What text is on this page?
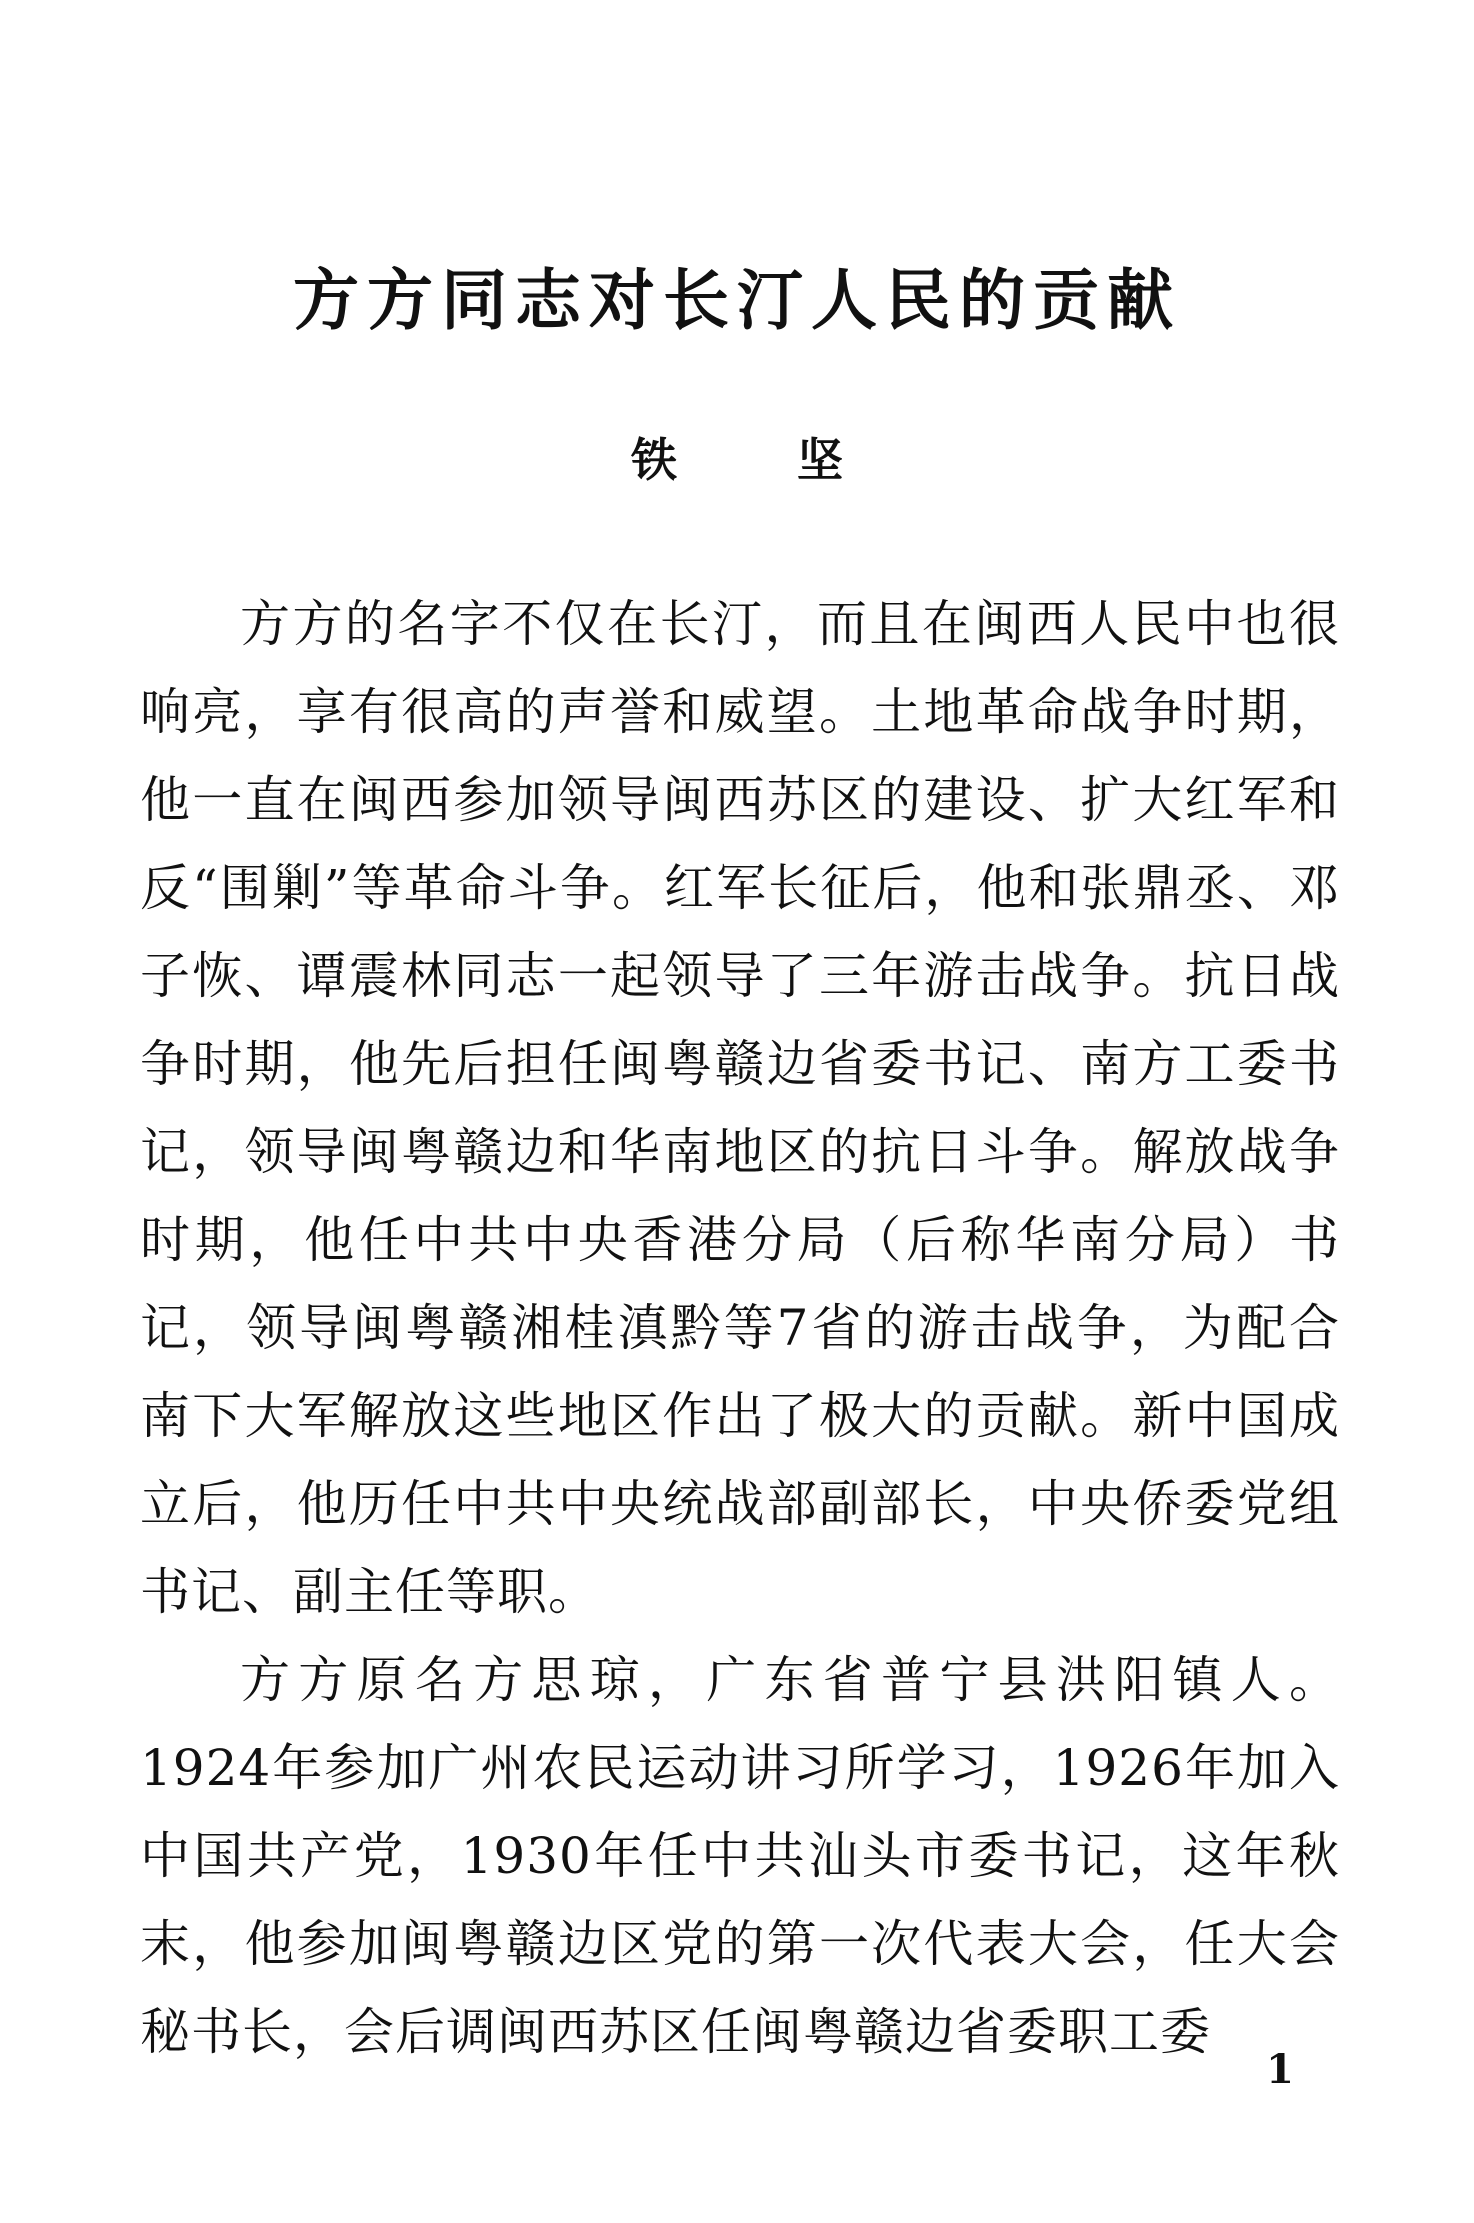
方方同志对长汀人民的贡献
铁坚

方方的名字不仅在长汀，而且在闽西人民中也很响亮，享有很高的声誉和威望。土地革命战争时期，他一直在闽西参加领导闽西苏区的建设、扩大红军和反“围剿”等革命斗争。红军长征后，他和张鼎丞、邓子恢、谭震林同志一起领导了三年游击战争。抗日战争时期，他先后担任闽粤赣边省委书记、南方工委书记，领导闽粤赣边和华南地区的抗日斗争。解放战争时期，他任中共中央香港分局（后称华南分局）书记，领导闽粤赣湘桂滇黔等7省的游击战争，为配合南下大军解放这些地区作出了极大的贡献。新中国成立后，他历任中共中央统战部副部长，中央侨委党组书记、副主任等职。

方方原名方思琼，广东省普宁县洪阳镇人。1924年参加广州农民运动讲习所学习，1926年加入中国共产党，1930年任中共汕头市委书记，这年秋末，他参加闽粤赣边区党的第一次代表大会，任大会秘书长，会后调闽西苏区任闽粤赣边省委职工委

1
